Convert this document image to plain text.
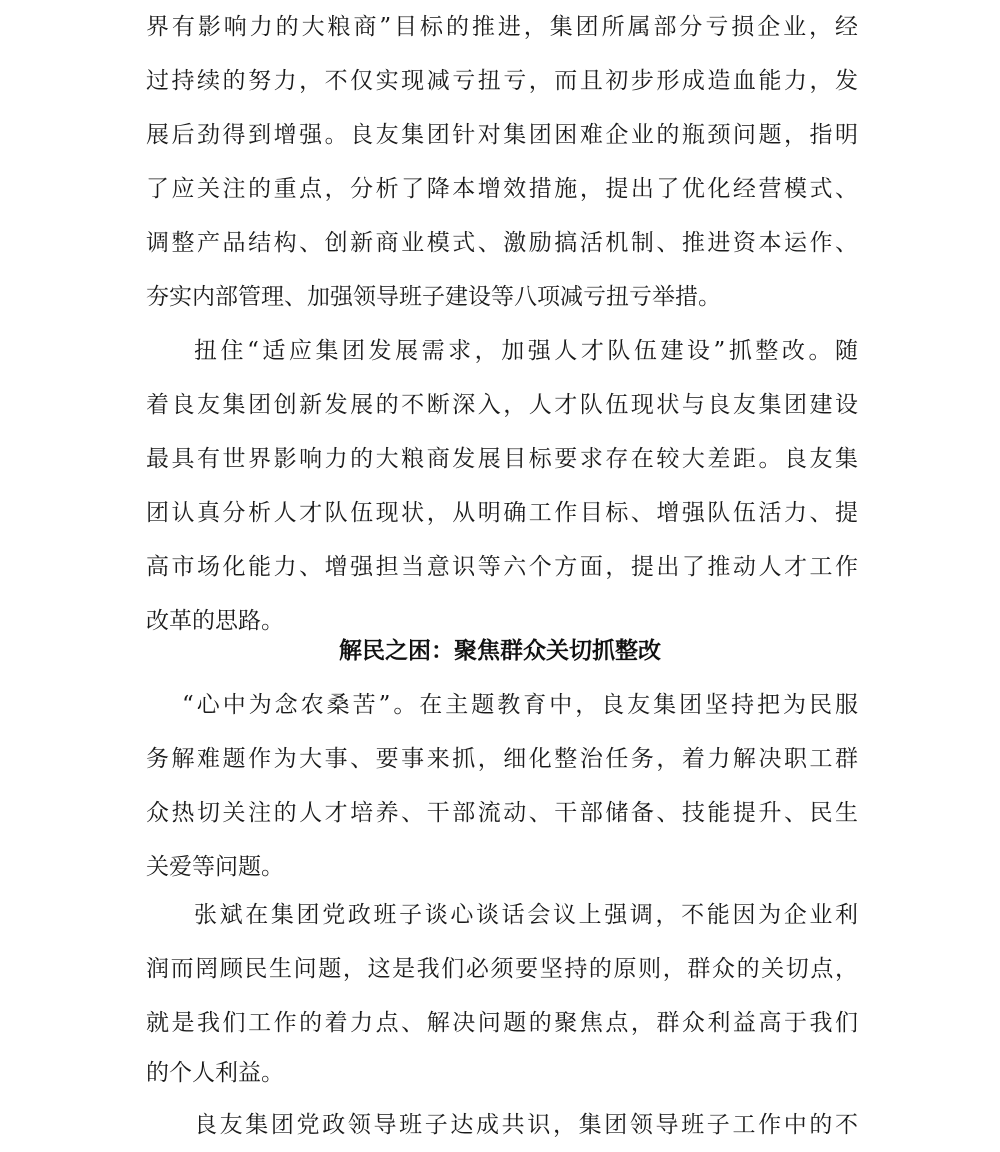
界有影响力的大粮商”目标的推进，集团所属部分亏损企业，经
过持续的努力，不仅实现减亏扭亏，而且初步形成造血能力，发
展后劲得到增强。良友集团针对集团困难企业的瓶颈问题，指明
了应关注的重点，分析了降本增效措施，提出了优化经营模式、
调整产品结构、创新商业模式、激励搞活机制、推进资本运作、
夯实内部管理、加强领导班子建设等八项减亏扭亏举措。
扭住“适应集团发展需求，加强人才队伍建设”抓整改。随
着良友集团创新发展的不断深入，人才队伍现状与良友集团建设
最具有世界影响力的大粮商发展目标要求存在较大差距。良友集
团认真分析人才队伍现状，从明确工作目标、增强队伍活力、提
高市场化能力、增强担当意识等六个方面，提出了推动人才工作
改革的思路。
解民之困：聚焦群众关切抓整改
“心中为念农桑苦”。在主题教育中，良友集团坚持把为民服
务解难题作为大事、要事来抓，细化整治任务，着力解决职工群
众热切关注的人才培养、干部流动、干部储备、技能提升、民生
关爱等问题。
张斌在集团党政班子谈心谈话会议上强调，不能因为企业利
润而罔顾民生问题，这是我们必须要坚持的原则，群众的关切点，
就是我们工作的着力点、解决问题的聚焦点，群众利益高于我们
的个人利益。
良友集团党政领导班子达成共识，集团领导班子工作中的不
